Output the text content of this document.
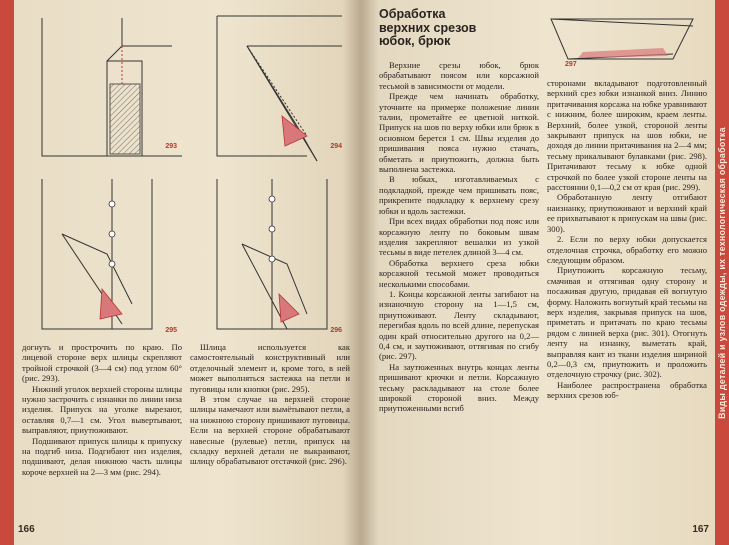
293	294
295	296

догнуть и прострочить по краю. По лицевой стороне верх шлицы скрепляют тройной строчкой (3—4 см) под углом 60° (рис. 293).

Нижний уголок верхней стороны шлицы нужно застрочить с изнанки по линии низа изделия. Припуск на уголке вырезают, оставляя 0,7—1 см. Угол вывертывают, выправляют, приутюживают.

Подшивают припуск шлицы к припуску на подгиб низа. Подгибают низ изделия, подшивают, делая нижнюю часть шлицы короче верхней на 2—3 мм (рис. 294).

Шлица используется как самостоятельный конструктивный или отделочный элемент и, кроме того, в ней может выполняться застежка на петли и пуговицы или кнопки (рис. 295).

В этом случае на верхней стороне шлицы намечают или вымётывают петли, а на нижнюю сторону пришивают пуговицы. Если на верхней стороне обрабатывают навесные (рулевые) петли, припуск на складку верхней детали не выкраивают, шлицу обрабатывают отстачкой (рис. 296).

166
Обработка верхних срезов юбок, брюк
297

Верхние срезы юбок, брюк обрабатывают поясом или корсажной тесьмой в зависимости от модели.

Прежде чем начинать обработку, уточните на примерке положение линии талии, прометайте ее цветной ниткой. Припуск на шов по верху юбки или брюк в основном берется 1 см. Швы изделия до пришивания пояса нужно стачать, обметать и приутюжить, должна быть выполнена застежка.

В юбках, изготавливаемых с подкладкой, прежде чем пришивать пояс, прикрепите подкладку к верхнему срезу юбки и вдоль застежки.

При всех видах обработки под пояс или корсажную ленту по боковым швам изделия закрепляют вешалки из узкой тесьмы в виде петелек длиной 3—4 см.

Обработка верхнего среза юбки корсажной тесьмой может проводиться несколькими способами.

1. Концы корсажной ленты загибают на изнаночную сторону на 1—1,5 см, приутюживают. Ленту складывают, перегибая вдоль по всей длине, перепуская один край относительно другого на 0,2—0,4 см, и заутюживают, оттягивая по сгибу (рис. 297).

На заутюженных внутрь концах ленты пришивают крючки и петли. Корсажную тесьму раскладывают на столе более широкой стороной вниз. Между приутюженными всгиб

сторонами вкладывают подготовленный верхний срез юбки изнанкой вниз. Линию притачивания корсажа на юбке уравнивают с нижним, более широким, краем ленты. Верхний, более узкой, стороной ленты закрывают припуск на шов юбки, не доходя до линии притачивания на 2—4 мм; тесьму прикалывают булавками (рис. 298). Притачивают тесьму к юбке одной строчкой по более узкой стороне ленты на расстоянии 0,1—0,2 см от края (рис. 299).

Обработанную ленту отгибают наизнанку, приутюживают и верхний край ее прихватывают к припускам на швы (рис. 300).

2. Если по верху юбки допускается отделочная строчка, обработку его можно следующим образом.

Приутюжить корсажную тесьму, смачивая и оттягивая одну сторону и посаживая другую, придавая ей вогнутую форму. Наложить вогнутый край тесьмы на верх изделия, закрывая припуск на шов, приметать и притачать по краю тесьмы рядом с линией верха (рис. 301). Отогнуть ленту на изнанку, выметать край, выправляя кант из ткани изделия шириной 0,2—0,3 см, приутюжить и проложить отделочную строчку (рис. 302).

Наиболее распространена обработка верхних срезов юб-

167
Виды деталей и узлов одежды, их технологическая обработка
